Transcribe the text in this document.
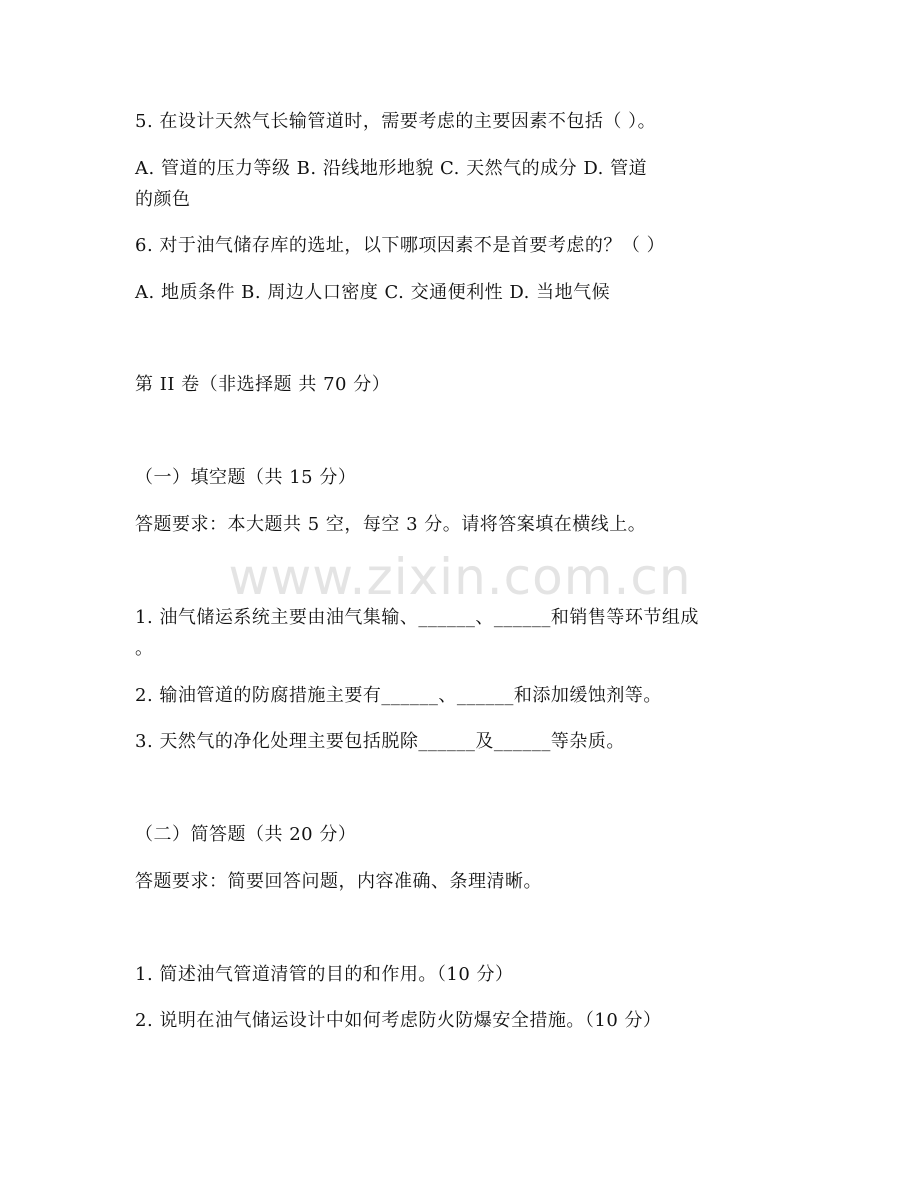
www.zixin.com.cn
5. 在设计天然气长输管道时，需要考虑的主要因素不包括（ ）。
A. 管道的压力等级 B. 沿线地形地貌 C. 天然气的成分 D. 管道
的颜色
6. 对于油气储存库的选址，以下哪项因素不是首要考虑的？（ ）
A. 地质条件 B. 周边人口密度 C. 交通便利性 D. 当地气候
第 II 卷（非选择题 共 70 分）
（一）填空题（共 15 分）
答题要求：本大题共 5 空，每空 3 分。请将答案填在横线上。
1. 油气储运系统主要由油气集输、______、______和销售等环节组成
。
2. 输油管道的防腐措施主要有______、______和添加缓蚀剂等。
3. 天然气的净化处理主要包括脱除______及______等杂质。
（二）简答题（共 20 分）
答题要求：简要回答问题，内容准确、条理清晰。
1. 简述油气管道清管的目的和作用。（10 分）
2. 说明在油气储运设计中如何考虑防火防爆安全措施。（10 分）
